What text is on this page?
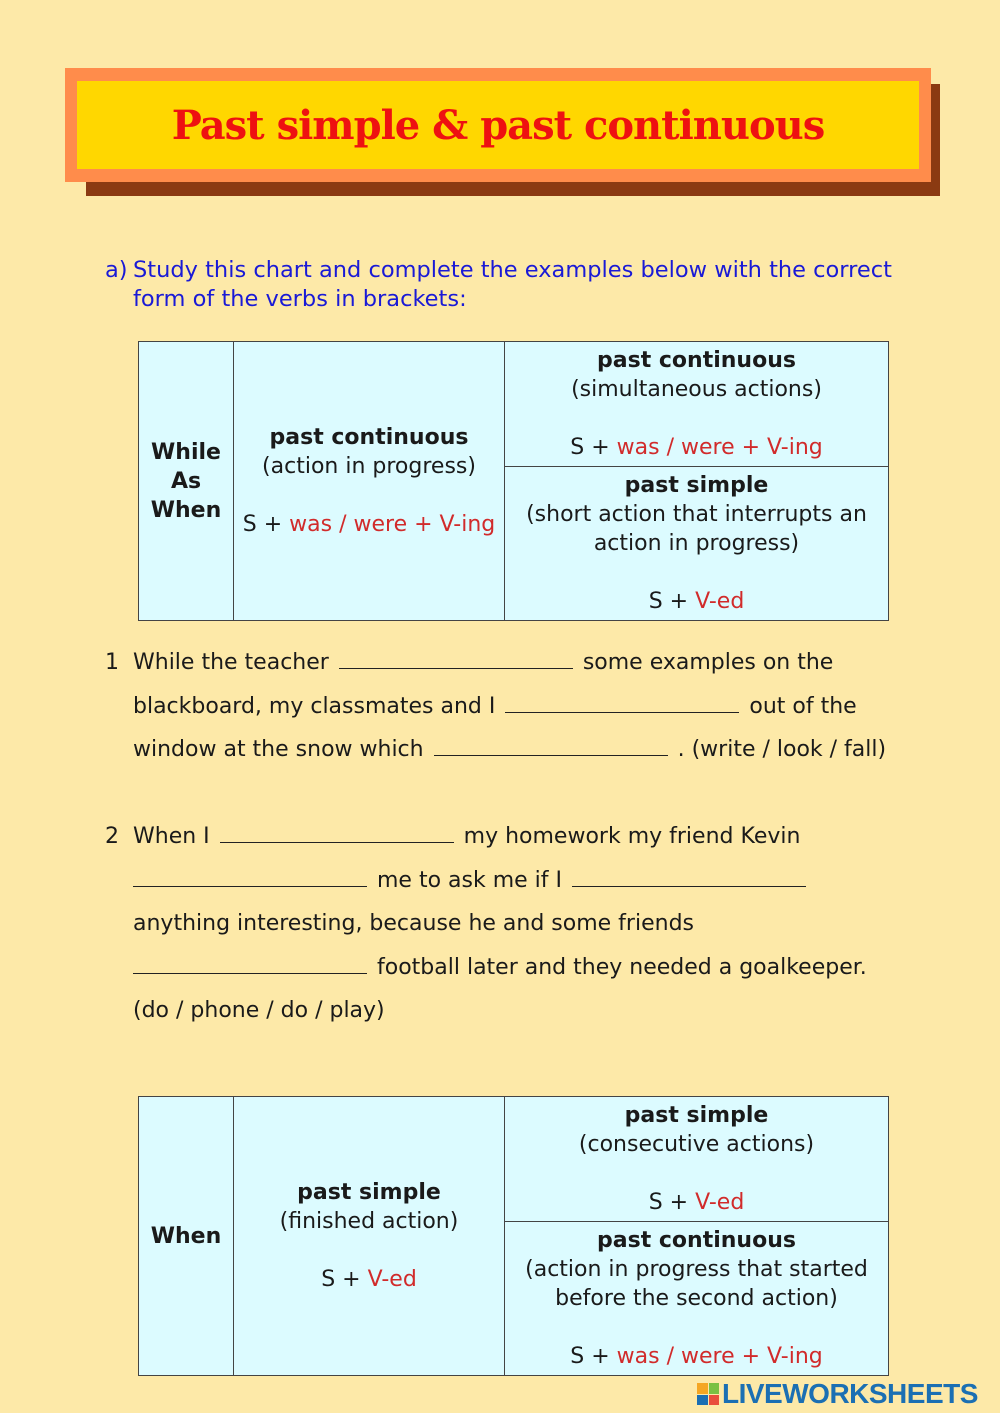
Past simple & past continuous
a) Study this chart and complete the examples below with the correct
form of the verbs in brackets:
While
As
When

past continuous
(action in progress)
S + was / were + V-ing

past continuous
(simultaneous actions)
S + was / were + V-ing

past simple
(short action that interrupts an
action in progress)
S + V-ed
1 While the teacher	some examples on the
blackboard, my classmates and I	out of the
window at the snow which	. (write / look / fall)
2 When I	my homework my friend Kevin
me to ask me if I
anything interesting, because he and some friends
football later and they needed a goalkeeper.
(do / phone / do / play)
When

past simple
(finished action)
S + V-ed

past simple
(consecutive actions)
S + V-ed

past continuous
(action in progress that started
before the second action)
S + was / were + V-ing
LIVEWORKSHEETS
